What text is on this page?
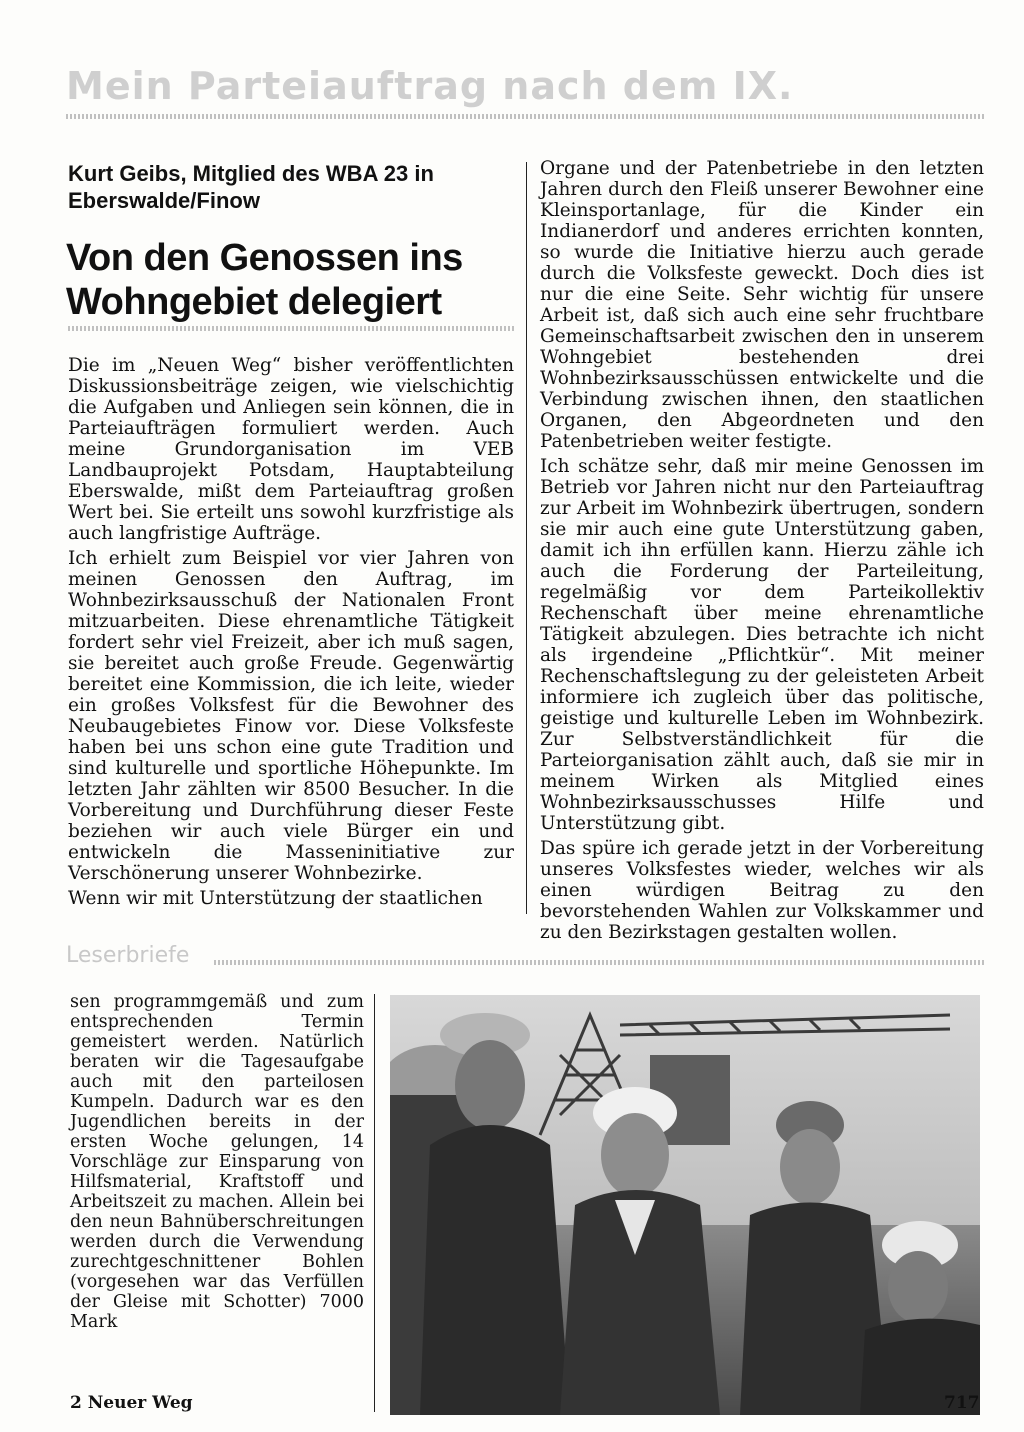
Mein Parteiauftrag nach dem IX.
Kurt Geibs, Mitglied des WBA 23 in Eberswalde/Finow
Von den Genossen ins Wohngebiet delegiert

Die im „Neuen Weg“ bisher veröffentlichten Diskussionsbeiträge zeigen, wie vielschichtig die Aufgaben und Anliegen sein können, die in Parteiaufträgen formuliert werden. Auch meine Grundorganisation im VEB Landbauprojekt Potsdam, Hauptabteilung Eberswalde, mißt dem Parteiauftrag großen Wert bei. Sie erteilt uns sowohl kurzfristige als auch langfristige Aufträge.

Ich erhielt zum Beispiel vor vier Jahren von meinen Genossen den Auftrag, im Wohnbezirksausschuß der Nationalen Front mitzuarbeiten. Diese ehrenamtliche Tätigkeit fordert sehr viel Freizeit, aber ich muß sagen, sie bereitet auch große Freude. Gegenwärtig bereitet eine Kommission, die ich leite, wieder ein großes Volksfest für die Bewohner des Neubaugebietes Finow vor. Diese Volksfeste haben bei uns schon eine gute Tradition und sind kulturelle und sportliche Höhepunkte. Im letzten Jahr zählten wir 8500 Besucher. In die Vorbereitung und Durchführung dieser Feste beziehen wir auch viele Bürger ein und entwickeln die Masseninitiative zur Verschönerung unserer Wohnbezirke.

Wenn wir mit Unterstützung der staatlichen

Organe und der Patenbetriebe in den letzten Jahren durch den Fleiß unserer Bewohner eine Kleinsportanlage, für die Kinder ein Indianerdorf und anderes errichten konnten, so wurde die Initiative hierzu auch gerade durch die Volksfeste geweckt. Doch dies ist nur die eine Seite. Sehr wichtig für unsere Arbeit ist, daß sich auch eine sehr fruchtbare Gemeinschaftsarbeit zwischen den in unserem Wohngebiet bestehenden drei Wohnbezirksausschüssen entwickelte und die Verbindung zwischen ihnen, den staatlichen Organen, den Abgeordneten und den Patenbetrieben weiter festigte.

Ich schätze sehr, daß mir meine Genossen im Betrieb vor Jahren nicht nur den Parteiauftrag zur Arbeit im Wohnbezirk übertrugen, sondern sie mir auch eine gute Unterstützung gaben, damit ich ihn erfüllen kann. Hierzu zähle ich auch die Forderung der Parteileitung, regelmäßig vor dem Parteikollektiv Rechenschaft über meine ehrenamtliche Tätigkeit abzulegen. Dies betrachte ich nicht als irgendeine „Pflichtkür“. Mit meiner Rechenschaftslegung zu der geleisteten Arbeit informiere ich zugleich über das politische, geistige und kulturelle Leben im Wohnbezirk. Zur Selbstverständlichkeit für die Parteiorganisation zählt auch, daß sie mir in meinem Wirken als Mitglied eines Wohnbezirksausschusses Hilfe und Unterstützung gibt.

Das spüre ich gerade jetzt in der Vorbereitung unseres Volksfestes wieder, welches wir als einen würdigen Beitrag zu den bevorstehenden Wahlen zur Volkskammer und zu den Bezirkstagen gestalten wollen.

Leserbriefe

sen programmgemäß und zum entsprechenden Termin gemeistert werden. Natürlich beraten wir die Tagesaufgabe auch mit den parteilosen Kumpeln. Dadurch war es den Jugendlichen bereits in der ersten Woche gelungen, 14 Vorschläge zur Einsparung von Hilfsmaterial, Kraftstoff und Arbeitszeit zu machen. Allein bei den neun Bahnüberschreitungen werden durch die Verwendung zurechtgeschnittener Bohlen (vorgesehen war das Verfüllen der Gleise mit Schotter) 7000 Mark

2 Neuer Weg	717
